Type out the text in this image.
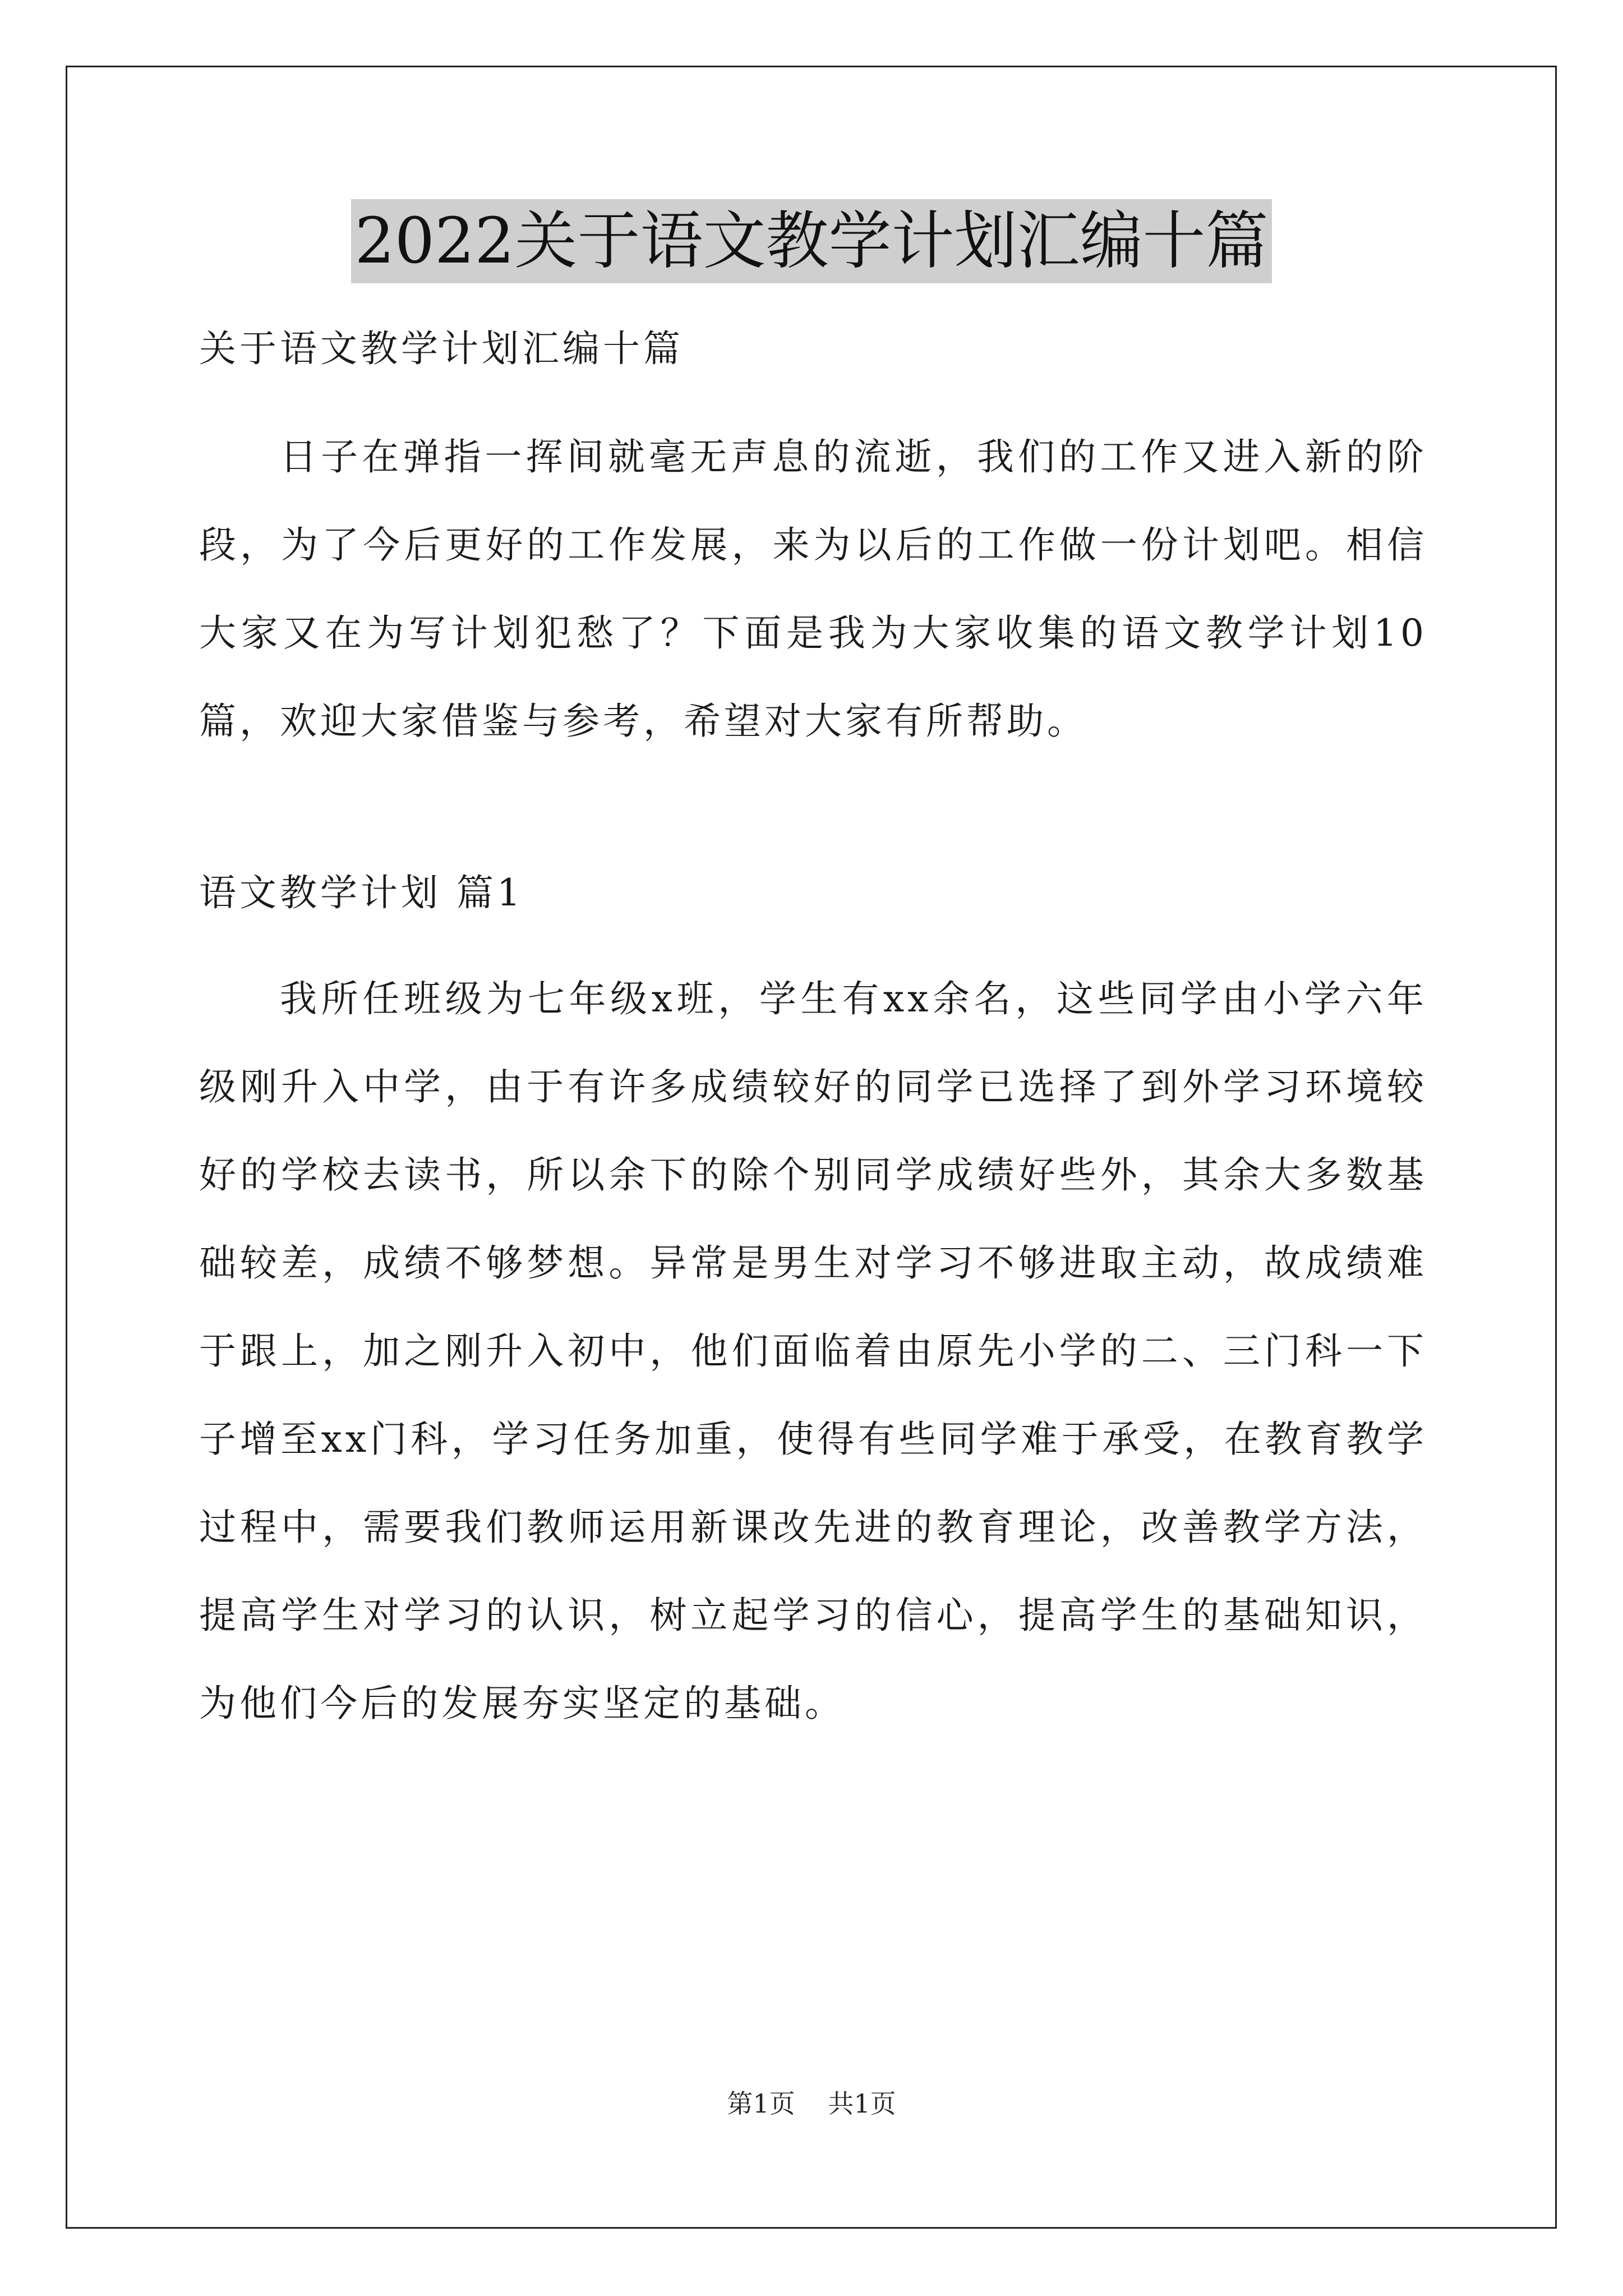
2022关于语文教学计划汇编十篇

关于语文教学计划汇编十篇

日子在弹指一挥间就毫无声息的流逝，我们的工作又进入新的阶段，为了今后更好的工作发展，来为以后的工作做一份计划吧。相信大家又在为写计划犯愁了？下面是我为大家收集的语文教学计划10篇，欢迎大家借鉴与参考，希望对大家有所帮助。

语文教学计划 篇1

我所任班级为七年级x班，学生有xx余名，这些同学由小学六年级刚升入中学，由于有许多成绩较好的同学已选择了到外学习环境较好的学校去读书，所以余下的除个别同学成绩好些外，其余大多数基础较差，成绩不够梦想。异常是男生对学习不够进取主动，故成绩难于跟上，加之刚升入初中，他们面临着由原先小学的二、三门科一下子增至xx门科，学习任务加重，使得有些同学难于承受，在教育教学过程中，需要我们教师运用新课改先进的教育理论，改善教学方法，提高学生对学习的认识，树立起学习的信心，提高学生的基础知识，为他们今后的发展夯实坚定的基础。

第1页 共1页
